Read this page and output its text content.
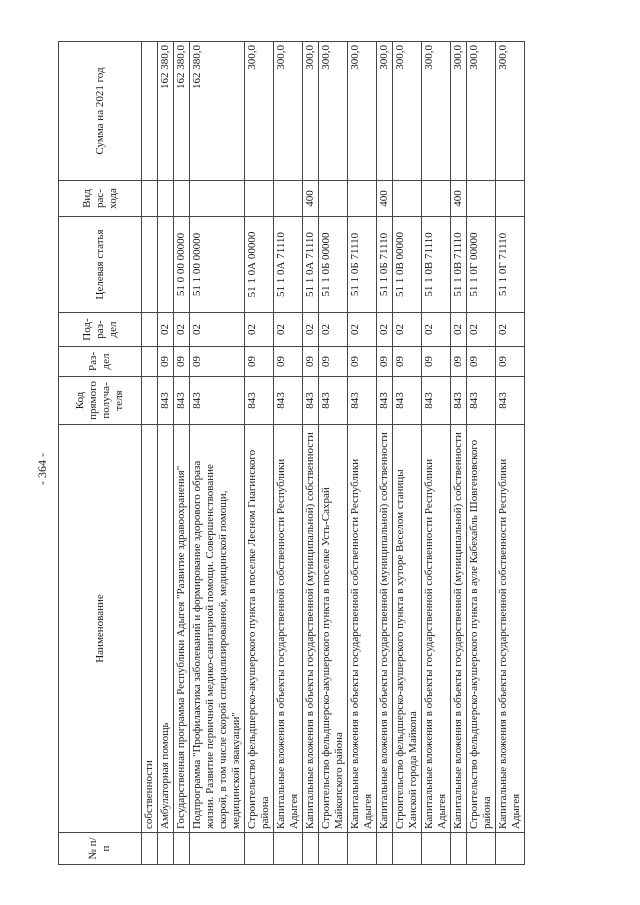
- 364 -
№ п/п	Наименование	Код прямого получа-теля	Раз-дел	Под-раз-дел	Целевая статья	Вид рас-хода	Сумма на 2021 год
	собственности						
	Амбулаторная помощь	843	09	02			162 380,0
	Государственная программа Республики Адыгея "Развитие здравоохранения"	843	09	02	51 0 00 00000		162 380,0
	Подпрограмма "Профилактика заболеваний и формирование здорового образа жизни. Развитие первичной медико-санитарной помощи. Совершенствование скорой, в том числе скорой специализированной, медицинской помощи, медицинской эвакуации"	843	09	02	51 1 00 00000		162 380,0
	Строительство фельдшерско-акушерского пункта в поселке Лесном Гиагинского района	843	09	02	51 1 0А 00000		300,0
	Капитальные вложения в объекты государственной собственности Республики Адыгея	843	09	02	51 1 0А 71110		300,0
	Капитальные вложения в объекты государственной (муниципальной) собственности	843	09	02	51 1 0А 71110	400	300,0
	Строительство фельдшерско-акушерского пункта в поселке Усть-Сахрай Майкопского района	843	09	02	51 1 0Б 00000		300,0
	Капитальные вложения в объекты государственной собственности Республики Адыгея	843	09	02	51 1 0Б 71110		300,0
	Капитальные вложения в объекты государственной (муниципальной) собственности	843	09	02	51 1 0Б 71110	400	300,0
	Строительство фельдшерско-акушерского пункта в хуторе Веселом станицы Ханской города Майкопа	843	09	02	51 1 0В 00000		300,0
	Капитальные вложения в объекты государственной собственности Республики Адыгея	843	09	02	51 1 0В 71110		300,0
	Капитальные вложения в объекты государственной (муниципальной) собственности	843	09	02	51 1 0В 71110	400	300,0
	Строительство фельдшерско-акушерского пункта в ауле Кабехабль Шовгеновского района	843	09	02	51 1 0Г 00000		300,0
	Капитальные вложения в объекты государственной собственности Республики Адыгея	843	09	02	51 1 0Г 71110		300,0
